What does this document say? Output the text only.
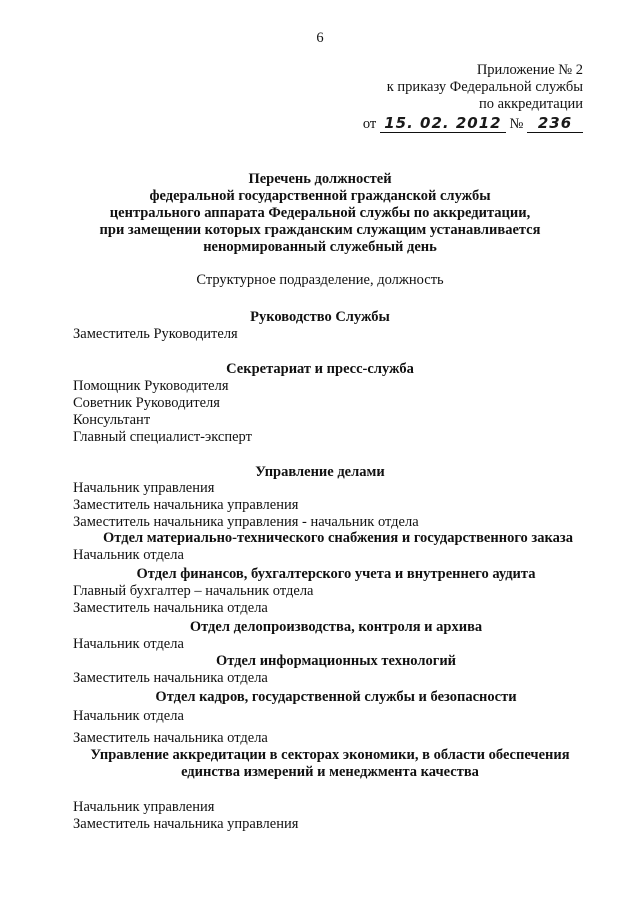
6
Приложение № 2
к приказу Федеральной службы
по аккредитации
от 15. 02. 2012 № 236
Перечень должностей
федеральной государственной гражданской службы
центрального аппарата Федеральной службы по аккредитации,
при замещении которых гражданским служащим устанавливается
ненормированный служебный день
Структурное подразделение, должность
Руководство Службы
Заместитель Руководителя
Секретариат и пресс-служба
Помощник Руководителя
Советник Руководителя
Консультант
Главный специалист-эксперт
Управление делами
Начальник управления
Заместитель начальника управления
Заместитель начальника управления - начальник отдела
Отдел материально-технического снабжения и государственного заказа
Начальник отдела
Отдел финансов, бухгалтерского учета и внутреннего аудита
Главный бухгалтер – начальник отдела
Заместитель начальника отдела
Отдел делопроизводства, контроля и архива
Начальник отдела
Отдел информационных технологий
Заместитель начальника отдела
Отдел кадров, государственной службы и безопасности
Начальник отдела
Заместитель начальника отдела
Управление аккредитации в секторах экономики, в области обеспечения
единства измерений и менеджмента качества
Начальник управления
Заместитель начальника управления
